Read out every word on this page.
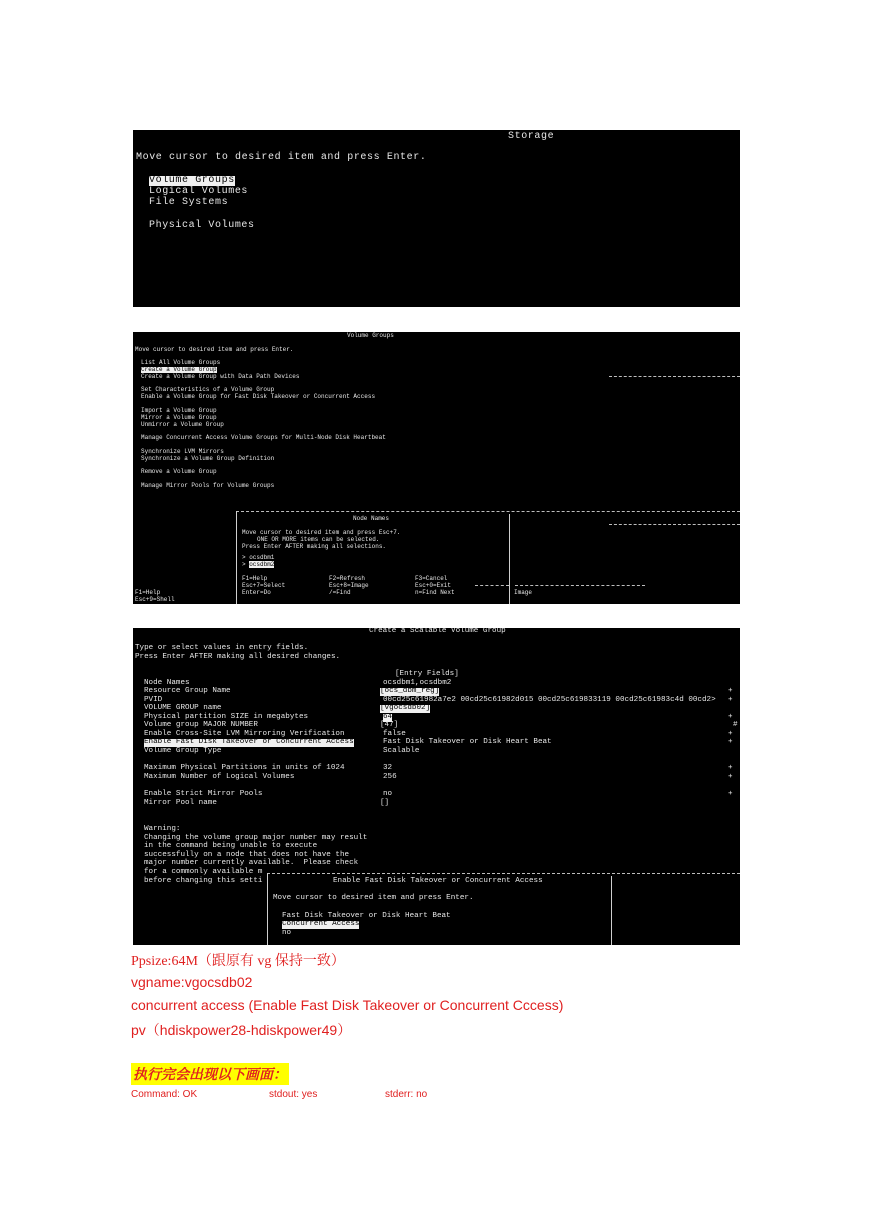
Storage
Move cursor to desired item and press Enter.
Volume Groups
Logical Volumes
File Systems
Physical Volumes
Volume Groups
Move cursor to desired item and press Enter.
List All Volume Groups
Create a Volume Group
Create a Volume Group with Data Path Devices
Set Characteristics of a Volume Group
Enable a Volume Group for Fast Disk Takeover or Concurrent Access
Import a Volume Group
Mirror a Volume Group
Unmirror a Volume Group
Manage Concurrent Access Volume Groups for Multi-Node Disk Heartbeat
Synchronize LVM Mirrors
Synchronize a Volume Group Definition
Remove a Volume Group
Manage Mirror Pools for Volume Groups
Node Names
Move cursor to desired item and press Esc+7.
ONE OR MORE items can be selected.
Press Enter AFTER making all selections.
> ocsdbm1
> ocsdbm2
F1=Help	F2=Refresh	F3=Cancel
Esc+7=Select	Esc+8=Image	Esc+0=Exit
Enter=Do	/=Find	n=Find Next
F1=Help
Esc+9=Shell
Image
Create a Scalable Volume Group
Type or select values in entry fields.
Press Enter AFTER making all desired changes.
[Entry Fields]
Node Names	ocsdbm1,ocsdbm2
Resource Group Name	[ocs_dbm_reg]	+
PVID	00cd25c61982a7e2 00cd25c61982d015 00cd25c619833119 00cd25c61983c4d 00cd2> +
VOLUME GROUP name	[vgocsdb02]
Physical partition SIZE in megabytes	64	+
Volume group MAJOR NUMBER	[47]	#
Enable Cross-Site LVM Mirroring Verification	false	+
Enable Fast Disk Takeover or Concurrent Access	Fast Disk Takeover or Disk Heart Beat	+
Volume Group Type	Scalable
Maximum Physical Partitions in units of 1024	32	+
Maximum Number of Logical Volumes	256	+
Enable Strict Mirror Pools	no	+
Mirror Pool name	[]
Warning:
Changing the volume group major number may result
in the command being unable to execute
successfully on a node that does not have the
major number currently available.  Please check
for a commonly available m
before changing this setti	Enable Fast Disk Takeover or Concurrent Access
Move cursor to desired item and press Enter.
Fast Disk Takeover or Disk Heart Beat
Concurrent Access
no
Ppsize:64M（跟原有 vg 保持一致）
vgname:vgocsdb02
concurrent access (Enable Fast Disk Takeover or Concurrent Cccess)
pv（hdiskpower28-hdiskpower49）
执行完会出现以下画面：
Command: OK	stdout: yes	stderr: no
